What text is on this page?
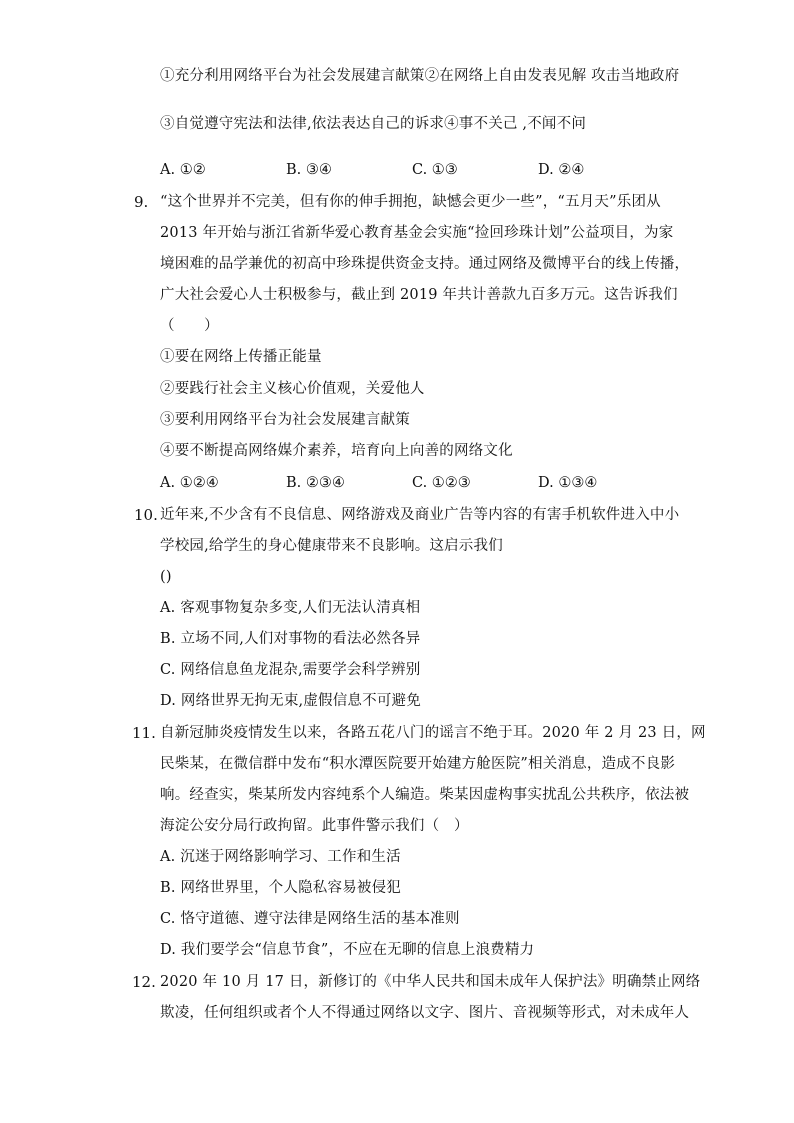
①充分利用网络平台为社会发展建言献策②在网络上自由发表见解 攻击当地政府
③自觉遵守宪法和法律,依法表达自己的诉求④事不关己 ,不闻不问
A. ①②	B. ③④	C. ①③	D. ②④
9. “这个世界并不完美，但有你的伸手拥抱，缺憾会更少一些”，“五月天”乐团从
2013 年开始与浙江省新华爱心教育基金会实施“捡回珍珠计划”公益项目，为家
境困难的品学兼优的初高中珍珠提供资金支持。通过网络及微博平台的线上传播，
广大社会爱心人士积极参与，截止到 2019 年共计善款九百多万元。这告诉我们
（　　）
①要在网络上传播正能量
②要践行社会主义核心价值观，关爱他人
③要利用网络平台为社会发展建言献策
④要不断提高网络媒介素养，培育向上向善的网络文化
A. ①②④	B. ②③④	C. ①②③	D. ①③④
10. 近年来,不少含有不良信息、网络游戏及商业广告等内容的有害手机软件进入中小
学校园,给学生的身心健康带来不良影响。这启示我们
()
A. 客观事物复杂多变,人们无法认清真相
B. 立场不同,人们对事物的看法必然各异
C. 网络信息鱼龙混杂,需要学会科学辨别
D. 网络世界无拘无束,虚假信息不可避免
11. 自新冠肺炎疫情发生以来，各路五花八门的谣言不绝于耳。2020 年 2 月 23 日，网
民柴某，在微信群中发布“积水潭医院要开始建方舱医院”相关消息，造成不良影
响。经查实，柴某所发内容纯系个人编造。柴某因虚构事实扰乱公共秩序，依法被
海淀公安分局行政拘留。此事件警示我们（　）
A. 沉迷于网络影响学习、工作和生活
B. 网络世界里，个人隐私容易被侵犯
C. 恪守道德、遵守法律是网络生活的基本准则
D. 我们要学会“信息节食”，不应在无聊的信息上浪费精力
12. 2020 年 10 月 17 日，新修订的《中华人民共和国未成年人保护法》明确禁止网络
欺凌，任何组织或者个人不得通过网络以文字、图片、音视频等形式，对未成年人
